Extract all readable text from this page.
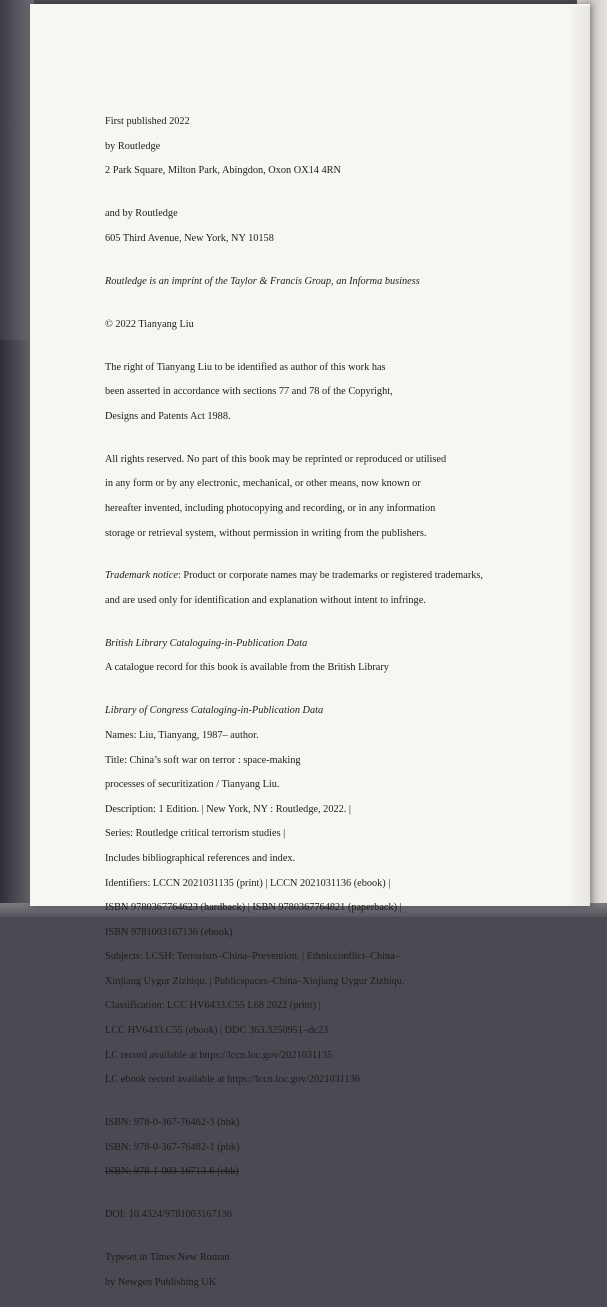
First published 2022

by Routledge

2 Park Square, Milton Park, Abingdon, Oxon OX14 4RN

and by Routledge

605 Third Avenue, New York, NY 10158

Routledge is an imprint of the Taylor & Francis Group, an Informa business

© 2022 Tianyang Liu

The right of Tianyang Liu to be identified as author of this work has

been asserted in accordance with sections 77 and 78 of the Copyright,

Designs and Patents Act 1988.

All rights reserved. No part of this book may be reprinted or reproduced or utilised

in any form or by any electronic, mechanical, or other means, now known or

hereafter invented, including photocopying and recording, or in any information

storage or retrieval system, without permission in writing from the publishers.

Trademark notice: Product or corporate names may be trademarks or registered trademarks,

and are used only for identification and explanation without intent to infringe.

British Library Cataloguing-in-Publication Data

A catalogue record for this book is available from the British Library

Library of Congress Cataloging-in-Publication Data

Names: Liu, Tianyang, 1987– author.

Title: China’s soft war on terror : space-making

processes of securitization / Tianyang Liu.

Description: 1 Edition. | New York, NY : Routledge, 2022. |

Series: Routledge critical terrorism studies |

Includes bibliographical references and index.

Identifiers: LCCN 2021031135 (print) | LCCN 2021031136 (ebook) |

ISBN 9780367764623 (hardback) | ISBN 9780367764821 (paperback) |

ISBN 9781003167136 (ebook)

Subjects: LCSH: Terrorism–China–Prevention. | Ethnicconflict–China–

Xinjiang Uygur Zizhiqu. | Publicspaces–China–Xinjiang Uygur Zizhiqu.

Classification: LCC HV6433.C55 L68 2022 (print) |

LCC HV6433.C55 (ebook) | DDC 363.3250951–dc23

LC record available at https://lccn.loc.gov/2021031135

LC ebook record available at https://lccn.loc.gov/2021031136

ISBN: 978-0-367-76462-3 (hbk)

ISBN: 978-0-367-76482-1 (pbk)

ISBN: 978-1-003-16713-6 (ebk)

DOI: 10.4324/9781003167136

Typeset in Times New Roman

by Newgen Publishing UK
